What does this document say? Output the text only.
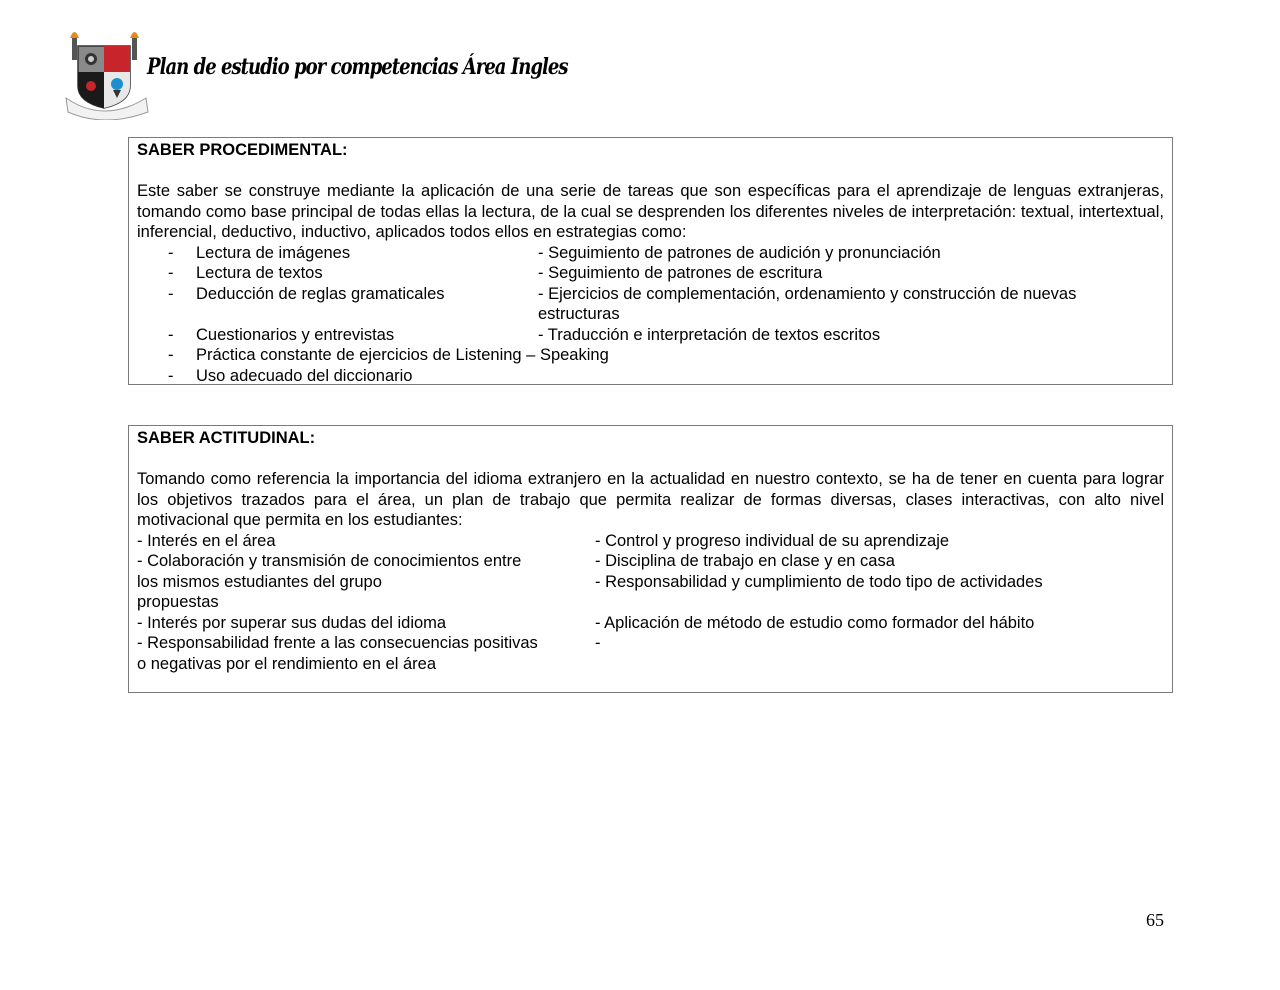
Plan de estudio por competencias Área Ingles
SABER PROCEDIMENTAL:
Este saber se construye mediante la aplicación de una serie de tareas que son específicas para el aprendizaje de lenguas extranjeras, tomando como base principal de todas ellas la lectura, de la cual se desprenden los diferentes niveles de interpretación: textual, intertextual, inferencial, deductivo, inductivo, aplicados todos ellos en estrategias como:
- Lectura de imágenes	- Seguimiento de patrones de audición y pronunciación
- Lectura de textos	- Seguimiento de patrones de escritura
- Deducción de reglas gramaticales	- Ejercicios de complementación, ordenamiento y construcción de nuevas estructuras
- Cuestionarios y entrevistas	- Traducción e interpretación de textos escritos
- Práctica constante de ejercicios de Listening – Speaking
- Uso adecuado del diccionario
SABER ACTITUDINAL:
Tomando como referencia la importancia del idioma extranjero en la actualidad en nuestro contexto, se ha de tener en cuenta para lograr los objetivos trazados para el área, un plan de trabajo que permita realizar de formas diversas, clases interactivas, con alto nivel motivacional que permita en los estudiantes:
- Interés en el área	- Control y progreso individual de su aprendizaje
- Colaboración y transmisión de conocimientos entre	- Disciplina de trabajo en clase y en casa
los mismos estudiantes del grupo	- Responsabilidad y cumplimiento de todo tipo de actividades
propuestas
- Interés por superar sus dudas del idioma	- Aplicación de método de estudio como formador del hábito
- Responsabilidad frente a las consecuencias positivas	-
o negativas por el rendimiento en el área
65
